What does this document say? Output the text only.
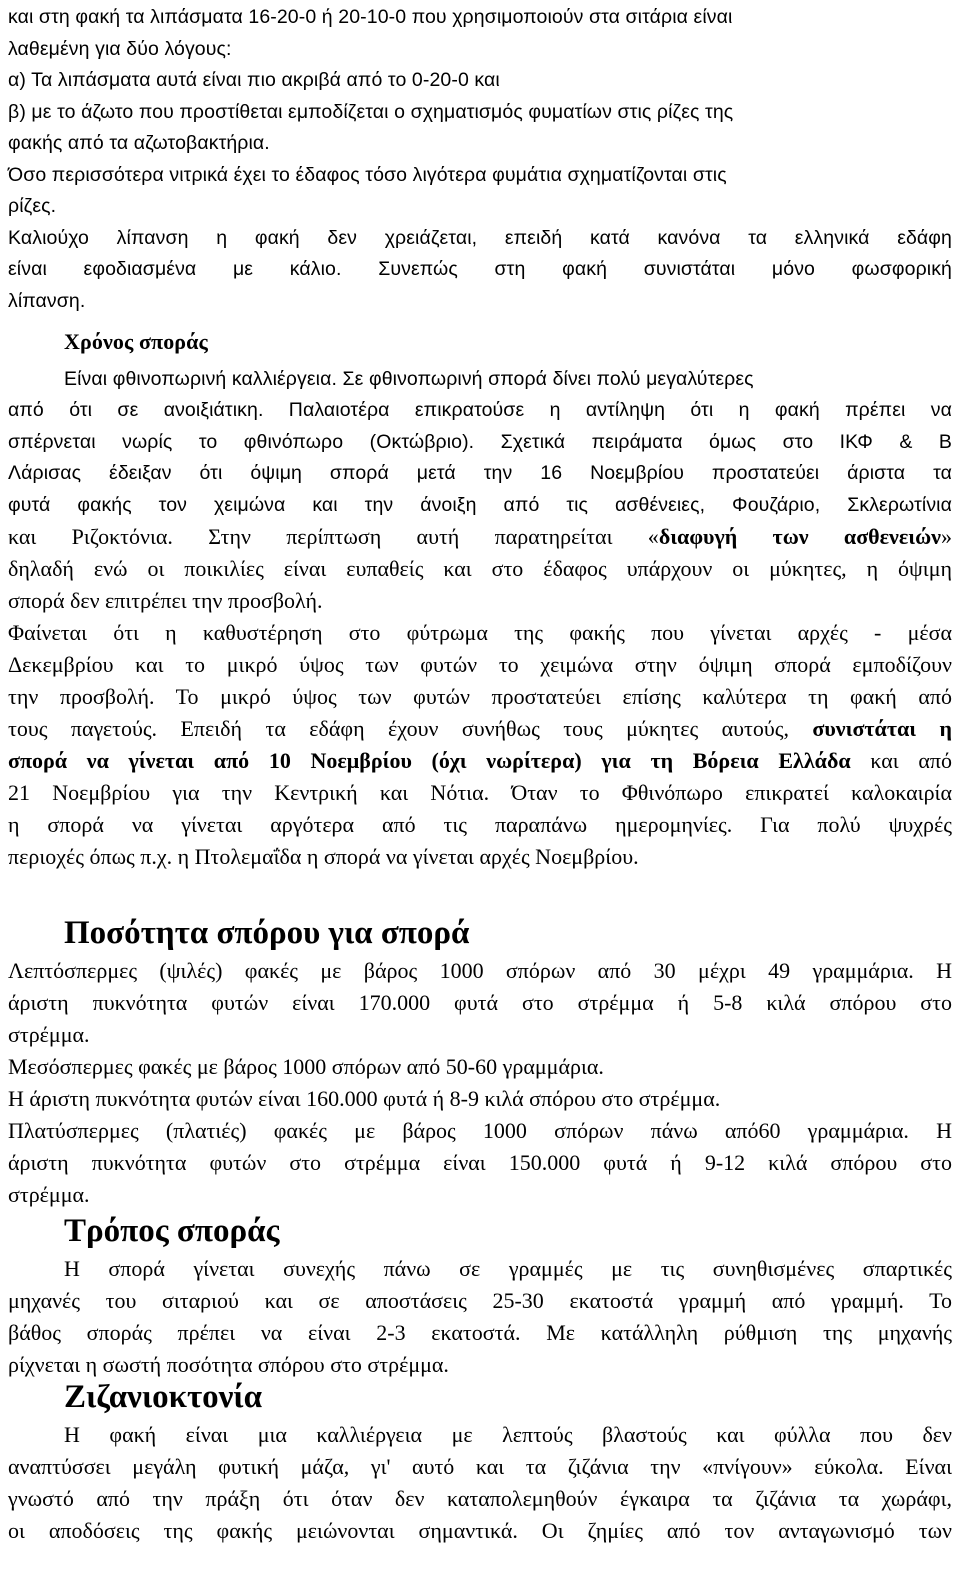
και στη φακή τα λιπάσματα 16-20-0 ή 20-10-0 που χρησιμοποιούν στα σιτάρια είναι
λαθεμένη για δύο λόγους:
α) Τα λιπάσματα αυτά είναι πιο ακριβά από το 0-20-0 και
β) με το άζωτο που προστίθεται εμποδίζεται ο σχηματισμός φυματίων στις ρίζες της
φακής από τα αζωτοβακτήρια.
Όσο περισσότερα νιτρικά έχει το έδαφος τόσο λιγότερα φυμάτια σχηματίζονται στις
ρίζες.
Καλιούχο λίπανση η φακή δεν χρειάζεται, επειδή κατά κανόνα τα ελληνικά εδάφη
είναι εφοδιασμένα με κάλιο. Συνεπώς στη φακή συνιστάται μόνο φωσφορική
λίπανση.
Χρόνος σποράς
Είναι φθινοπωρινή καλλιέργεια. Σε φθινοπωρινή σπορά δίνει πολύ μεγαλύτερες
από ότι σε ανοιξιάτικη. Παλαιοτέρα επικρατούσε η αντίληψη ότι η φακή πρέπει να
σπέρνεται νωρίς το φθινόπωρο (Οκτώβριο). Σχετικά πειράματα όμως στο ΙΚΦ & Β
Λάρισας έδειξαν ότι όψιμη σπορά μετά την 16 Νοεμβρίου προστατεύει άριστα τα
φυτά φακής τον χειμώνα και την άνοιξη από τις ασθένειες, Φουζάριο, Σκλερωτίνια
και Ριζοκτόνια. Στην περίπτωση αυτή παρατηρείται «διαφυγή των ασθενειών»
δηλαδή ενώ οι ποικιλίες είναι ευπαθείς και στο έδαφος υπάρχουν οι μύκητες, η όψιμη
σπορά δεν επιτρέπει την προσβολή.
Φαίνεται ότι η καθυστέρηση στο φύτρωμα της φακής που γίνεται αρχές - μέσα
Δεκεμβρίου και το μικρό ύψος των φυτών το χειμώνα στην όψιμη σπορά εμποδίζουν
την προσβολή. Το μικρό ύψος των φυτών προστατεύει επίσης καλύτερα τη φακή από
τους παγετούς. Επειδή τα εδάφη έχουν συνήθως τους μύκητες αυτούς, συνιστάται η
σπορά να γίνεται από 10 Νοεμβρίου (όχι νωρίτερα) για τη Βόρεια Ελλάδα και από
21 Νοεμβρίου για την Κεντρική και Νότια. Όταν το Φθινόπωρο επικρατεί καλοκαιρία
η σπορά να γίνεται αργότερα από τις παραπάνω ημερομηνίες. Για πολύ ψυχρές
περιοχές όπως π.χ. η Πτολεμαΐδα η σπορά να γίνεται αρχές Νοεμβρίου.
Ποσότητα σπόρου για σπορά
Λεπτόσπερμες (ψιλές) φακές με βάρος 1000 σπόρων από 30 μέχρι 49 γραμμάρια. Η
άριστη πυκνότητα φυτών είναι 170.000 φυτά στο στρέμμα ή 5-8 κιλά σπόρου στο
στρέμμα.
Μεσόσπερμες φακές με βάρος 1000 σπόρων από 50-60 γραμμάρια.
Η άριστη πυκνότητα φυτών είναι 160.000 φυτά ή 8-9 κιλά σπόρου στο στρέμμα.
Πλατύσπερμες (πλατιές) φακές με βάρος 1000 σπόρων πάνω από60 γραμμάρια. Η
άριστη πυκνότητα φυτών στο στρέμμα είναι 150.000 φυτά ή 9-12 κιλά σπόρου στο
στρέμμα.
Τρόπος σποράς
Η σπορά γίνεται συνεχής πάνω σε γραμμές με τις συνηθισμένες σπαρτικές
μηχανές του σιταριού και σε αποστάσεις 25-30 εκατοστά γραμμή από γραμμή. Το
βάθος σποράς πρέπει να είναι 2-3 εκατοστά. Με κατάλληλη ρύθμιση της μηχανής
ρίχνεται η σωστή ποσότητα σπόρου στο στρέμμα.
Ζιζανιοκτονία
Η φακή είναι μια καλλιέργεια με λεπτούς βλαστούς και φύλλα που δεν
αναπτύσσει μεγάλη φυτική μάζα, γι' αυτό και τα ζιζάνια την «πνίγουν» εύκολα. Είναι
γνωστό από την πράξη ότι όταν δεν καταπολεμηθούν έγκαιρα τα ζιζάνια τα χωράφι,
οι αποδόσεις της φακής μειώνονται σημαντικά. Οι ζημίες από τον ανταγωνισμό των
